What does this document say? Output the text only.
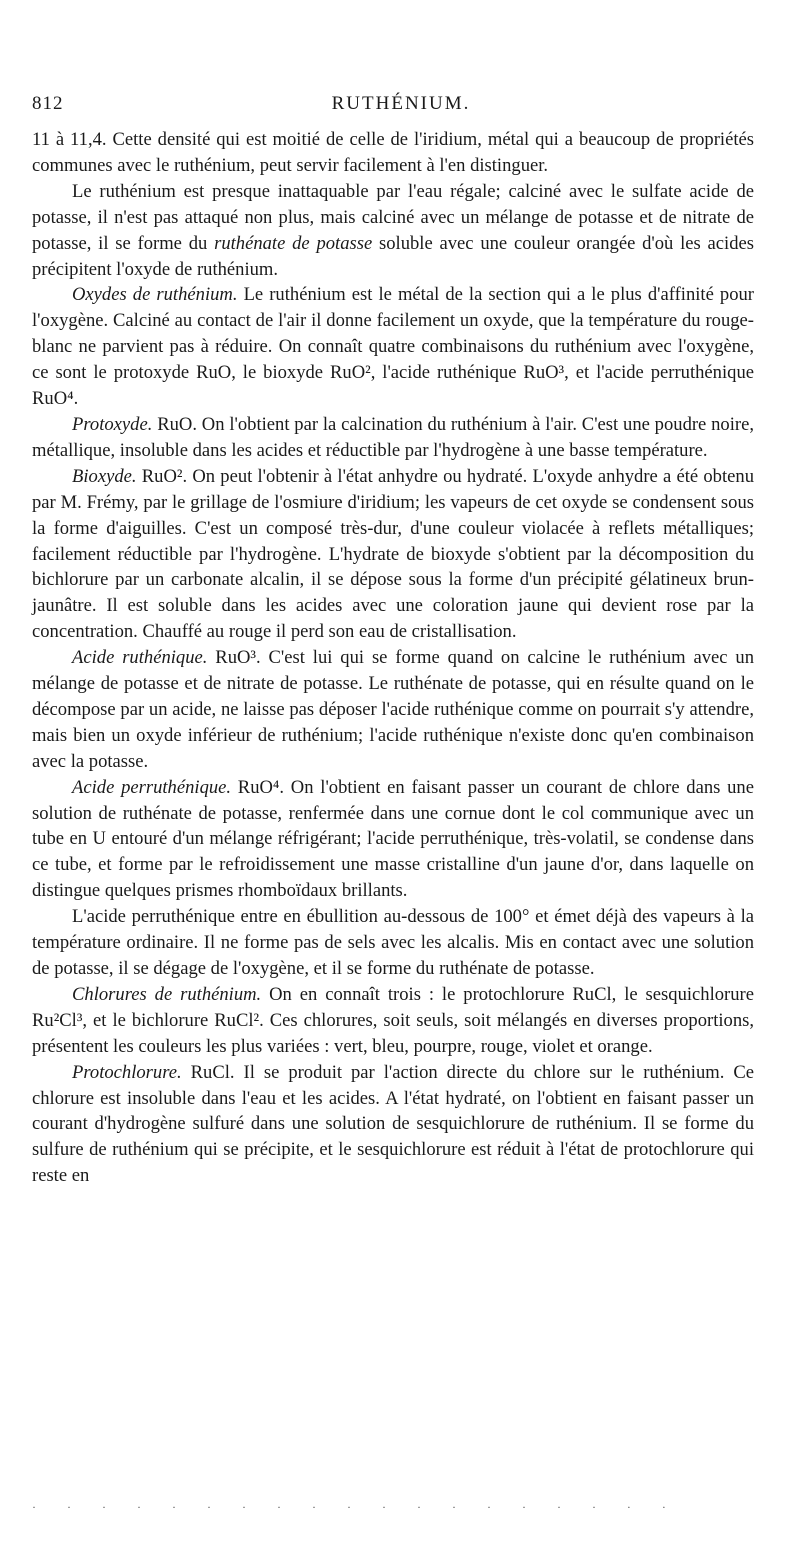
812	RUTHÉNIUM.

11 à 11,4. Cette densité qui est moitié de celle de l'iridium, métal qui a beaucoup de propriétés communes avec le ruthénium, peut servir facilement à l'en distinguer.

Le ruthénium est presque inattaquable par l'eau régale; calciné avec le sulfate acide de potasse, il n'est pas attaqué non plus, mais calciné avec un mélange de potasse et de nitrate de potasse, il se forme du ruthénate de potasse soluble avec une couleur orangée d'où les acides précipitent l'oxyde de ruthénium.

Oxydes de ruthénium. Le ruthénium est le métal de la section qui a le plus d'affinité pour l'oxygène. Calciné au contact de l'air il donne facilement un oxyde, que la température du rouge-blanc ne parvient pas à réduire. On connaît quatre combinaisons du ruthénium avec l'oxygène, ce sont le protoxyde RuO, le bioxyde RuO², l'acide ruthénique RuO³, et l'acide perruthénique RuO⁴.

Protoxyde. RuO. On l'obtient par la calcination du ruthénium à l'air. C'est une poudre noire, métallique, insoluble dans les acides et réductible par l'hydrogène à une basse température.

Bioxyde. RuO². On peut l'obtenir à l'état anhydre ou hydraté. L'oxyde anhydre a été obtenu par M. Frémy, par le grillage de l'osmiure d'iridium; les vapeurs de cet oxyde se condensent sous la forme d'aiguilles. C'est un composé très-dur, d'une couleur violacée à reflets métalliques; facilement réductible par l'hydrogène. L'hydrate de bioxyde s'obtient par la décomposition du bichlorure par un carbonate alcalin, il se dépose sous la forme d'un précipité gélatineux brun-jaunâtre. Il est soluble dans les acides avec une coloration jaune qui devient rose par la concentration. Chauffé au rouge il perd son eau de cristallisation.

Acide ruthénique. RuO³. C'est lui qui se forme quand on calcine le ruthénium avec un mélange de potasse et de nitrate de potasse. Le ruthénate de potasse, qui en résulte quand on le décompose par un acide, ne laisse pas déposer l'acide ruthénique comme on pourrait s'y attendre, mais bien un oxyde inférieur de ruthénium; l'acide ruthénique n'existe donc qu'en combinaison avec la potasse.

Acide perruthénique. RuO⁴. On l'obtient en faisant passer un courant de chlore dans une solution de ruthénate de potasse, renfermée dans une cornue dont le col communique avec un tube en U entouré d'un mélange réfrigérant; l'acide perruthénique, très-volatil, se condense dans ce tube, et forme par le refroidissement une masse cristalline d'un jaune d'or, dans laquelle on distingue quelques prismes rhomboïdaux brillants.

L'acide perruthénique entre en ébullition au-dessous de 100° et émet déjà des vapeurs à la température ordinaire. Il ne forme pas de sels avec les alcalis. Mis en contact avec une solution de potasse, il se dégage de l'oxygène, et il se forme du ruthénate de potasse.

Chlorures de ruthénium. On en connaît trois : le protochlorure RuCl, le sesquichlorure Ru²Cl³, et le bichlorure RuCl². Ces chlorures, soit seuls, soit mélangés en diverses proportions, présentent les couleurs les plus variées : vert, bleu, pourpre, rouge, violet et orange.

Protochlorure. RuCl. Il se produit par l'action directe du chlore sur le ruthénium. Ce chlorure est insoluble dans l'eau et les acides. A l'état hydraté, on l'obtient en faisant passer un courant d'hydrogène sulfuré dans une solution de sesquichlorure de ruthénium. Il se forme du sulfure de ruthénium qui se précipite, et le sesquichlorure est réduit à l'état de protochlorure qui reste en

· · · · · · · · · · · · · · · · · · ·
